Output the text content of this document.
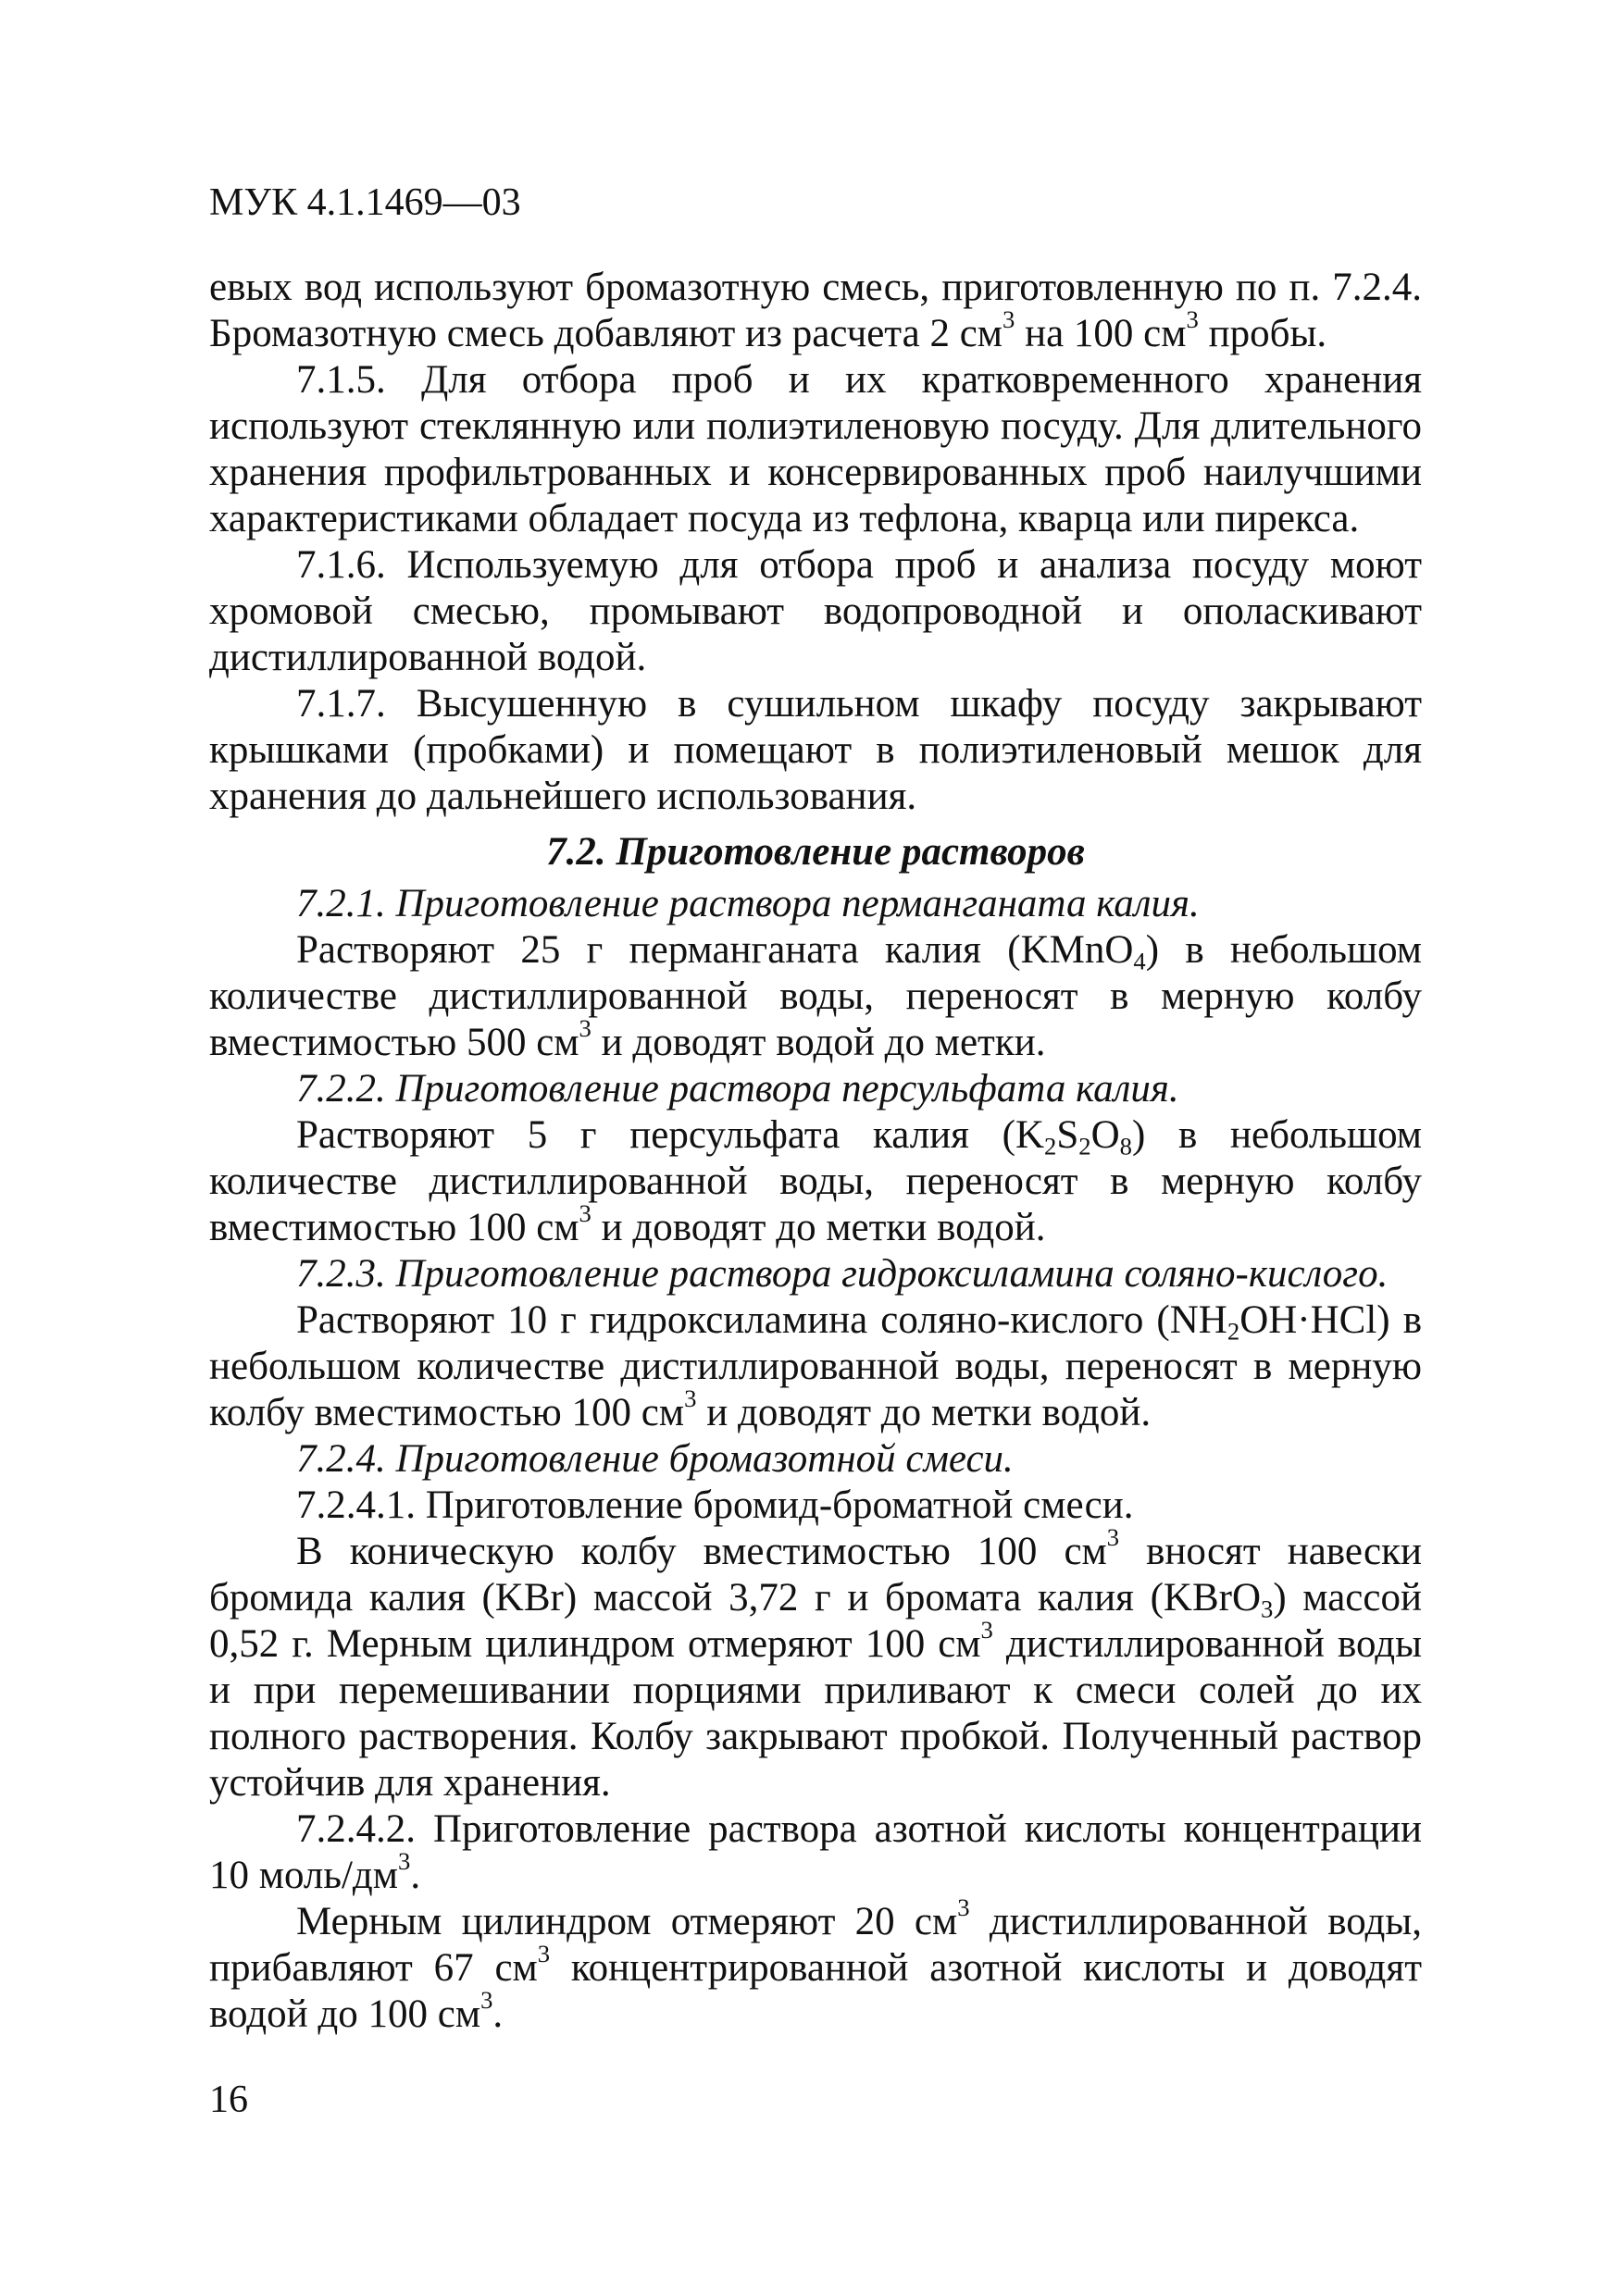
МУК 4.1.1469—03

евых вод используют бромазотную смесь, приготовленную по п. 7.2.4. Бромазотную смесь добавляют из расчета 2 $см^3$ на 100 $см^3$ пробы.

7.1.5. Для отбора проб и их кратковременного хранения используют стеклянную или полиэтиленовую посуду. Для длительного хранения профильтрованных и консервированных проб наилучшими характеристиками обладает посуда из тефлона, кварца или пирекса.

7.1.6. Используемую для отбора проб и анализа посуду моют хромовой смесью, промывают водопроводной и ополаскивают дистиллированной водой.

7.1.7. Высушенную в сушильном шкафу посуду закрывают крышками (пробками) и помещают в полиэтиленовый мешок для хранения до дальнейшего использования.

7.2. Приготовление растворов

7.2.1. Приготовление раствора перманганата калия.

Растворяют 25 г перманганата калия (KMnO$_4$) в небольшом количестве дистиллированной воды, переносят в мерную колбу вместимостью 500 $см^3$ и доводят водой до метки.

7.2.2. Приготовление раствора персульфата калия.

Растворяют 5 г персульфата калия $(K_2S_2O_8)$ в небольшом количестве дистиллированной воды, переносят в мерную колбу вместимостью 100 $см^3$ и доводят до метки водой.

7.2.3. Приготовление раствора гидроксиламина соляно-кислого.

Растворяют 10 г гидроксиламина соляно-кислого $(NH_2OH\cdot HCl)$ в небольшом количестве дистиллированной воды, переносят в мерную колбу вместимостью 100 $см^3$ и доводят до метки водой.

7.2.4. Приготовление бромазотной смеси.

7.2.4.1. Приготовление бромид-броматной смеси.

В коническую колбу вместимостью 100 $см^3$ вносят навески бромида калия (KBr) массой 3,72 г и бромата калия (KBrO$_3$) массой 0,52 г. Мерным цилиндром отмеряют 100 $см^3$ дистиллированной воды и при перемешивании порциями приливают к смеси солей до их полного растворения. Колбу закрывают пробкой. Полученный раствор устойчив для хранения.

7.2.4.2. Приготовление раствора азотной кислоты концентрации 10 моль/$дм^3$.

Мерным цилиндром отмеряют 20 $см^3$ дистиллированной воды, прибавляют 67 $см^3$ концентрированной азотной кислоты и доводят водой до 100 $см^3$.

16
